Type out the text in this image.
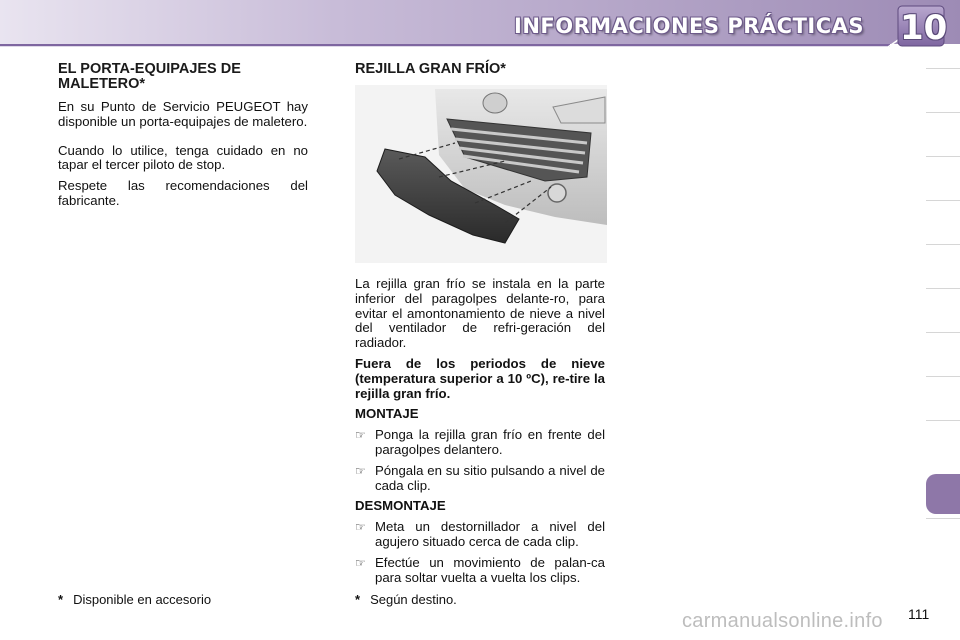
INFORMACIONES PRÁCTICAS 10
EL PORTA-EQUIPAJES DE MALETERO*

En su Punto de Servicio PEUGEOT hay disponible un porta-equipajes de maletero.

Cuando lo utilice, tenga cuidado en no tapar el tercer piloto de stop.

Respete las recomendaciones del fabricante.

REJILLA GRAN FRÍO*

La rejilla gran frío se instala en la parte inferior del paragolpes delante-ro, para evitar el amontonamiento de nieve a nivel del ventilador de refri-geración del radiador.

Fuera de los periodos de nieve (temperatura superior a 10 ºC), re-tire la rejilla gran frío.

MONTAJE
☞ Ponga la rejilla gran frío en frente del paragolpes delantero.
☞ Póngala en su sitio pulsando a nivel de cada clip.
DESMONTAJE
☞ Meta un destornillador a nivel del agujero situado cerca de cada clip.
☞ Efectúe un movimiento de palan-ca para soltar vuelta a vuelta los clips.
* Disponible en accesorio	* Según destino.
111
carmanualsonline.info
